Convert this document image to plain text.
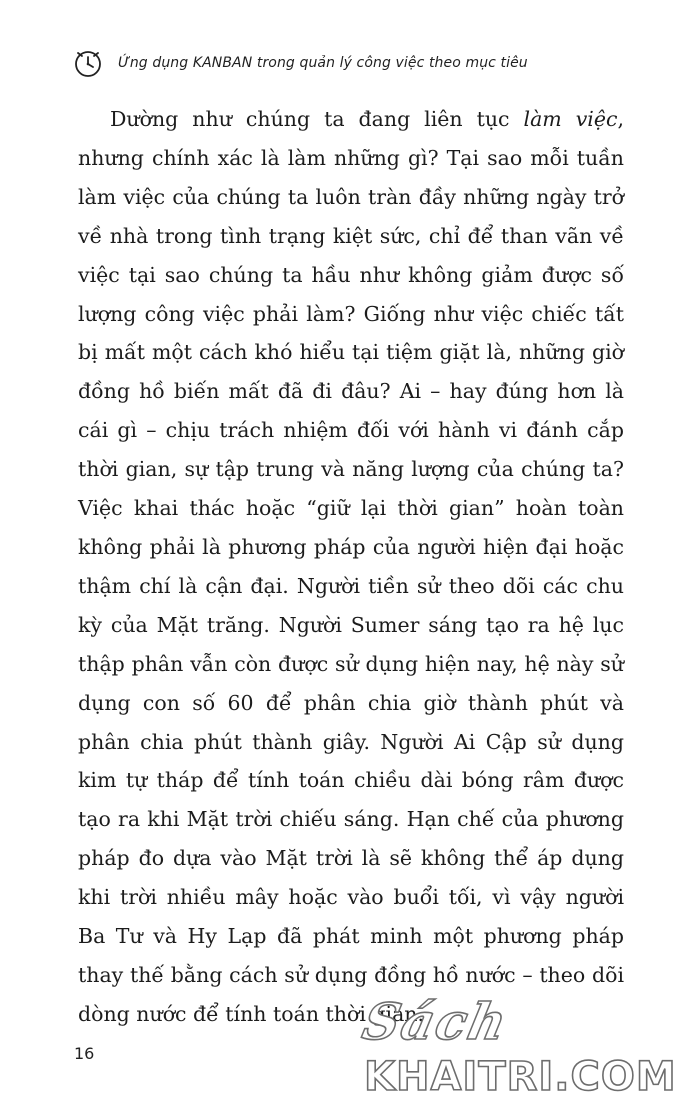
Ứng dụng KANBAN trong quản lý công việc theo mục tiêu

Dường như chúng ta đang liên tục làm việc, nhưng chính xác là làm những gì? Tại sao mỗi tuần làm việc của chúng ta luôn tràn đầy những ngày trở về nhà trong tình trạng kiệt sức, chỉ để than vãn về việc tại sao chúng ta hầu như không giảm được số lượng công việc phải làm? Giống như việc chiếc tất bị mất một cách khó hiểu tại tiệm giặt là, những giờ đồng hồ biến mất đã đi đâu? Ai – hay đúng hơn là cái gì – chịu trách nhiệm đối với hành vi đánh cắp thời gian, sự tập trung và năng lượng của chúng ta? Việc khai thác hoặc “giữ lại thời gian” hoàn toàn không phải là phương pháp của người hiện đại hoặc thậm chí là cận đại. Người tiền sử theo dõi các chu kỳ của Mặt trăng. Người Sumer sáng tạo ra hệ lục thập phân vẫn còn được sử dụng hiện nay, hệ này sử dụng con số 60 để phân chia giờ thành phút và phân chia phút thành giây. Người Ai Cập sử dụng kim tự tháp để tính toán chiều dài bóng râm được tạo ra khi Mặt trời chiếu sáng. Hạn chế của phương pháp đo dựa vào Mặt trời là sẽ không thể áp dụng khi trời nhiều mây hoặc vào buổi tối, vì vậy người Ba Tư và Hy Lạp đã phát minh một phương pháp thay thế bằng cách sử dụng đồng hồ nước – theo dõi dòng nước để tính toán thời gian.

16
Sách
KHAITRI.COM
